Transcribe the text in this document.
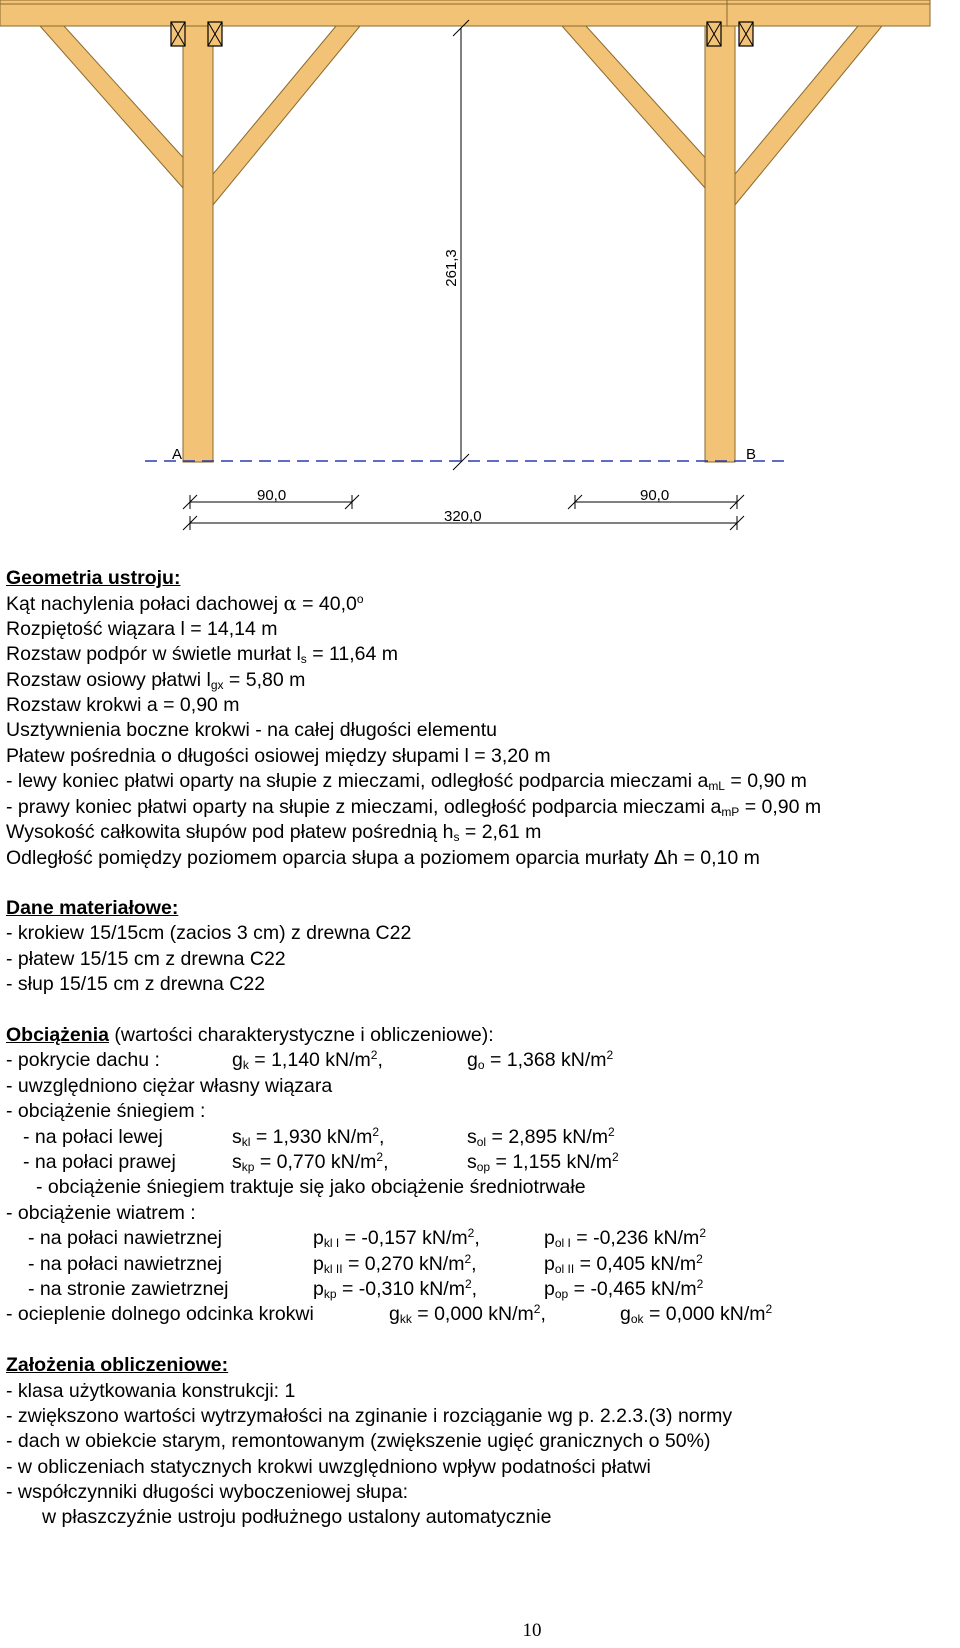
261,3
A	B
90,0	90,0
320,0
Geometria ustroju:
Kąt nachylenia połaci dachowej $\alpha = 40,0^o$
Rozpiętość wiązara l = 14,14 m
Rozstaw podpór w świetle murłat $l_s = 11,64$ m
Rozstaw osiowy płatwi $l_{gx} = 5,80$ m
Rozstaw krokwi a = 0,90 m
Usztywnienia boczne krokwi - na całej długości elementu
Płatew pośrednia o długości osiowej między słupami l = 3,20 m
- lewy koniec płatwi oparty na słupie z mieczami, odległość podparcia mieczami $a_{mL} = 0,90$ m
- prawy koniec płatwi oparty na słupie z mieczami, odległość podparcia mieczami $a_{mP} = 0,90$ m
Wysokość całkowita słupów pod płatew pośrednią $h_s = 2,61$ m
Odległość pomiędzy poziomem oparcia słupa a poziomem oparcia murłaty ∆h = 0,10 m
Dane materiałowe:
- krokiew 15/15cm (zacios 3 cm) z drewna C22
- płatew 15/15 cm z drewna C22
- słup 15/15 cm z drewna C22
Obciążenia (wartości charakterystyczne i obliczeniowe):
- pokrycie dachu :	$g_k = 1,140$ $kN/m^2$,	$g_o = 1,368$ $kN/m^2$
- uwzględniono ciężar własny wiązara
- obciążenie śniegiem :
- na połaci lewej	$s_{kl} = 1,930$ $kN/m^2$,	$s_{ol} = 2,895$ $kN/m^2$
- na połaci prawej	$s_{kp} = 0,770$ $kN/m^2$,	$s_{op} = 1,155$ $kN/m^2$
- obciążenie śniegiem traktuje się jako obciążenie średniotrwałe
- obciążenie wiatrem :
- na połaci nawietrznej	$p_{kl I} = -0,157$ $kN/m^2$,	$p_{ol I} = -0,236$ $kN/m^2$
- na połaci nawietrznej	$p_{kl II} = 0,270$ $kN/m^2$,	$p_{ol II} = 0,405$ $kN/m^2$
- na stronie zawietrznej	$p_{kp} = -0,310$ $kN/m^2$,	$p_{op} = -0,465$ $kN/m^2$
- ocieplenie dolnego odcinka krokwi	$g_{kk} = 0,000$ $kN/m^2$,	$g_{ok} = 0,000$ $kN/m^2$
Założenia obliczeniowe:
- klasa użytkowania konstrukcji: 1
- zwiększono wartości wytrzymałości na zginanie i rozciąganie wg p. 2.2.3.(3) normy
- dach w obiekcie starym, remontowanym (zwiększenie ugięć granicznych o 50%)
- w obliczeniach statycznych krokwi uwzględniono wpływ podatności płatwi
- współczynniki długości wyboczeniowej słupa:
w płaszczyźnie ustroju podłużnego ustalony automatycznie
10
